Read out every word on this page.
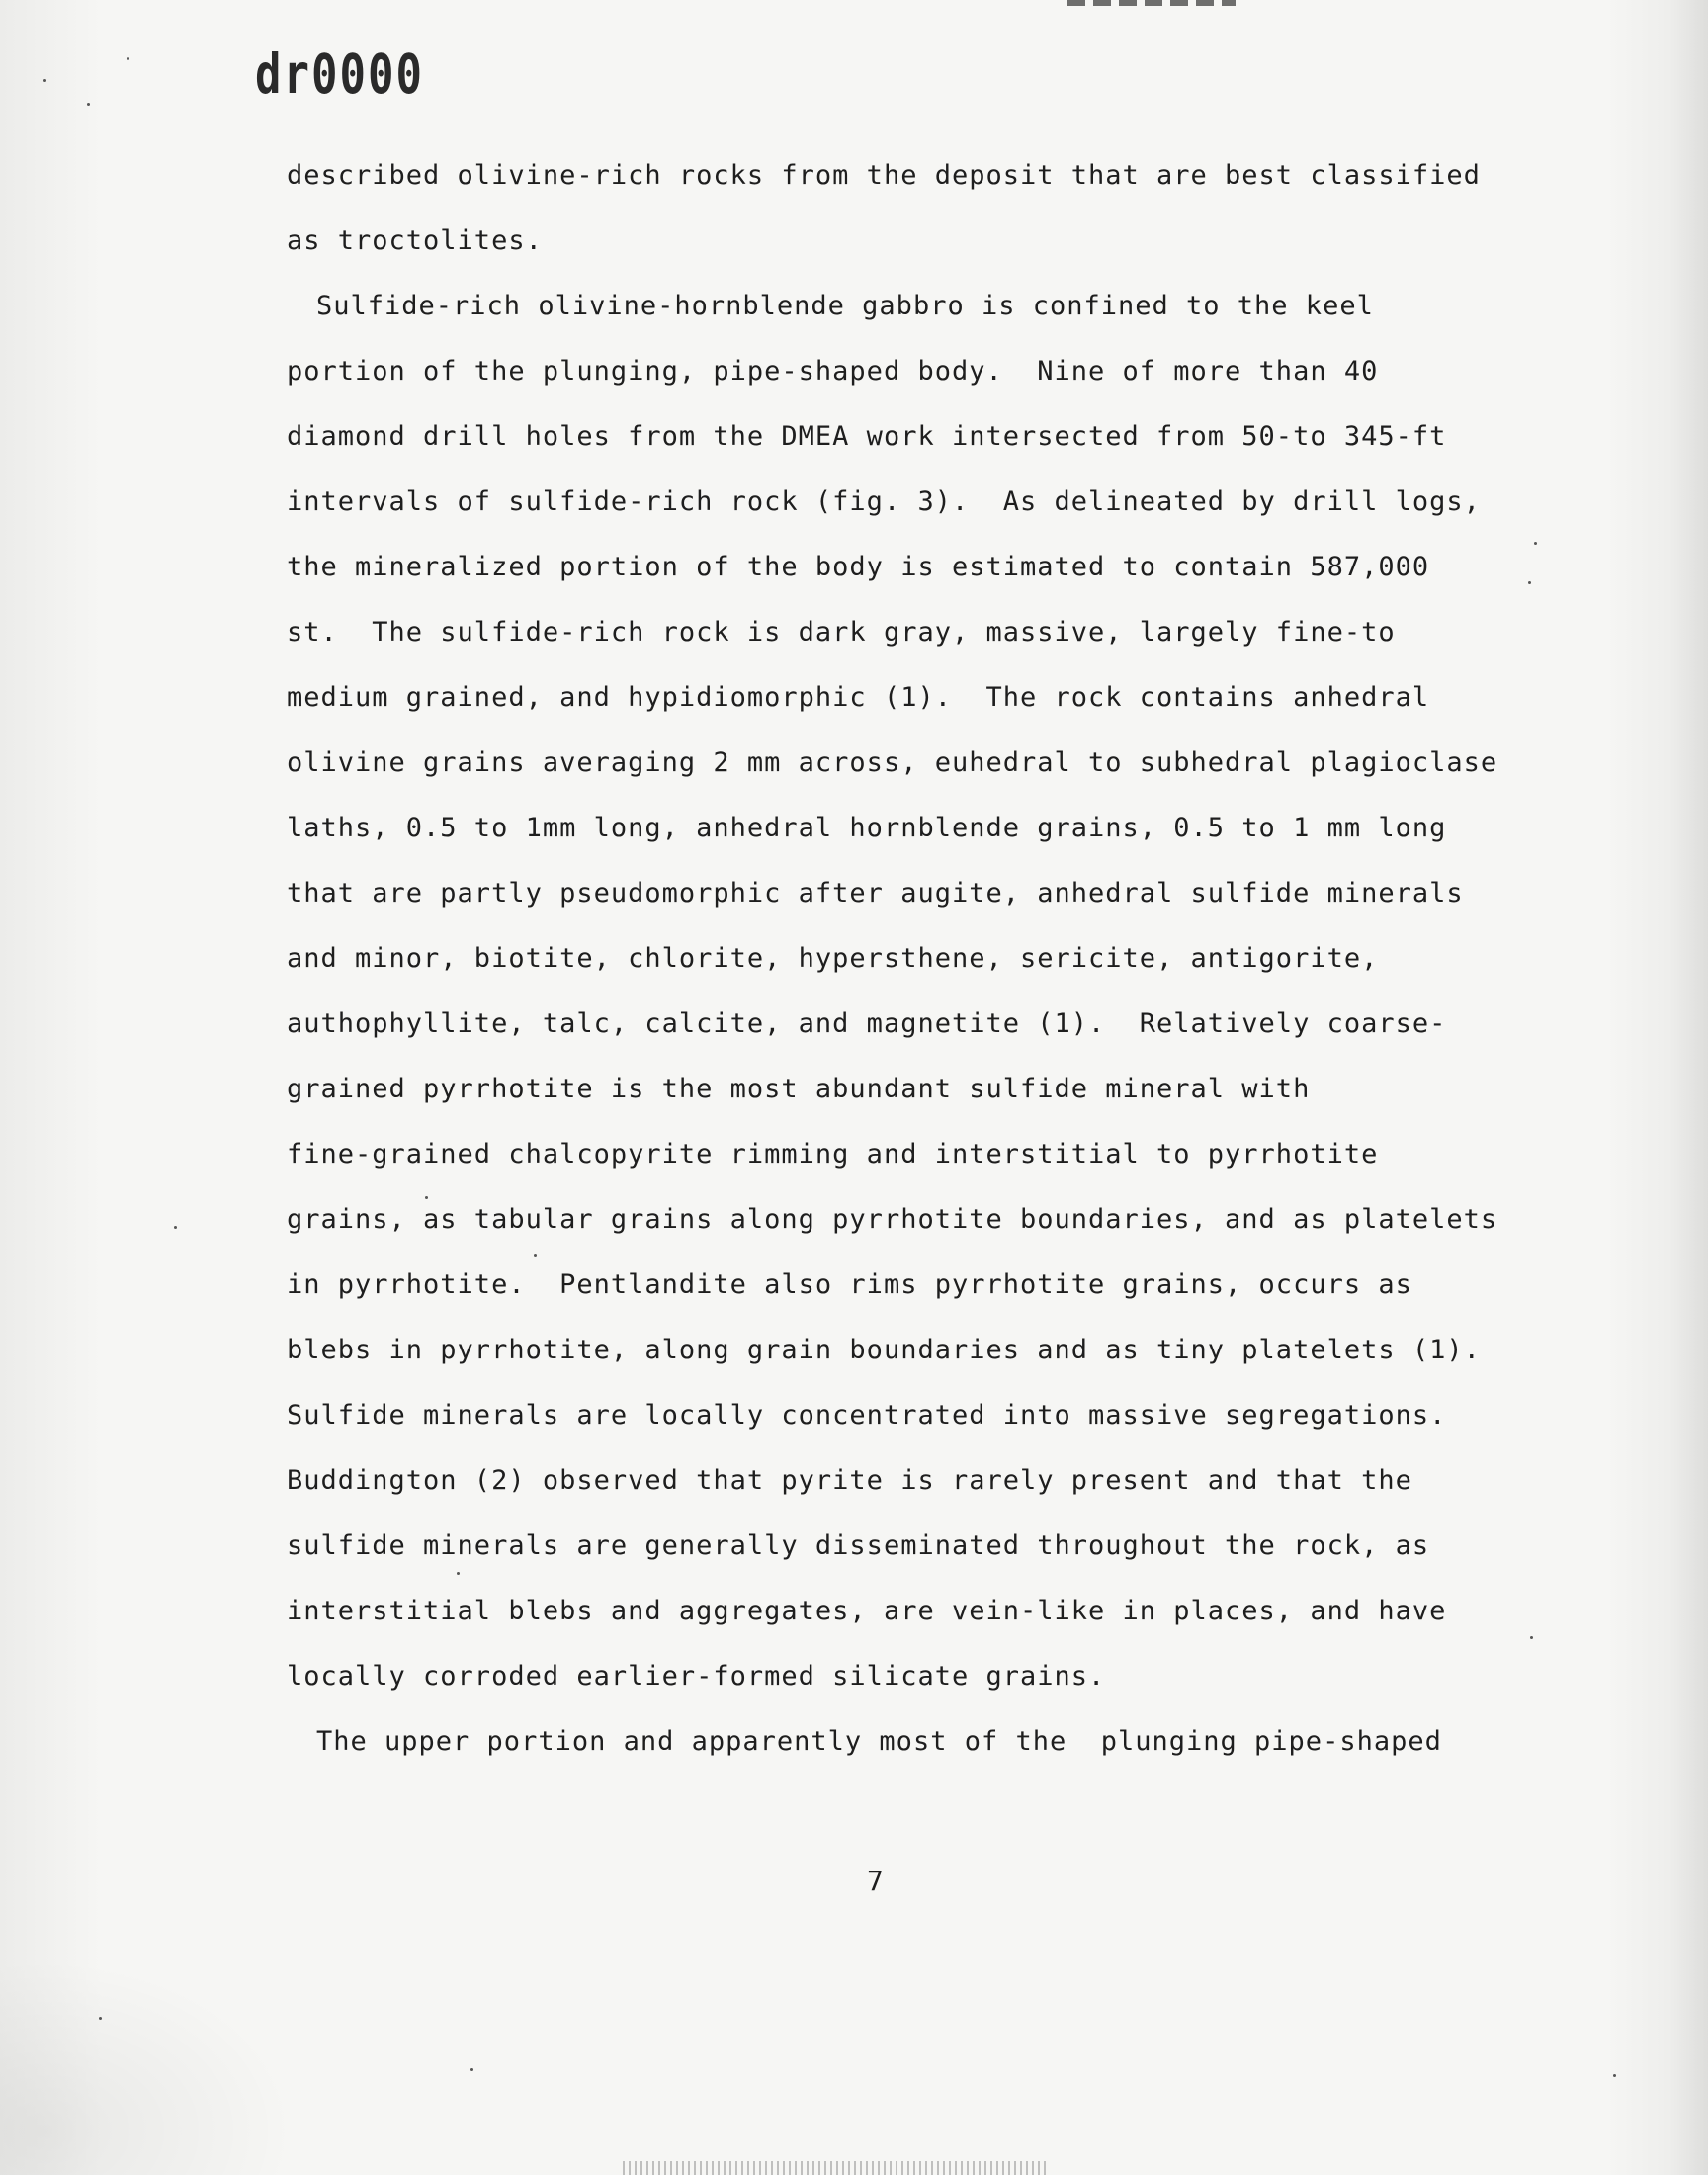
dr0000
described olivine-rich rocks from the deposit that are best classified
as troctolites.
Sulfide-rich olivine-hornblende gabbro is confined to the keel
portion of the plunging, pipe-shaped body.  Nine of more than 40
diamond drill holes from the DMEA work intersected from 50-to 345-ft
intervals of sulfide-rich rock (fig. 3).  As delineated by drill logs,
the mineralized portion of the body is estimated to contain 587,000
st.  The sulfide-rich rock is dark gray, massive, largely fine-to
medium grained, and hypidiomorphic (1).  The rock contains anhedral
olivine grains averaging 2 mm across, euhedral to subhedral plagioclase
laths, 0.5 to 1mm long, anhedral hornblende grains, 0.5 to 1 mm long
that are partly pseudomorphic after augite, anhedral sulfide minerals
and minor, biotite, chlorite, hypersthene, sericite, antigorite,
authophyllite, talc, calcite, and magnetite (1).  Relatively coarse-
grained pyrrhotite is the most abundant sulfide mineral with
fine-grained chalcopyrite rimming and interstitial to pyrrhotite
grains, as tabular grains along pyrrhotite boundaries, and as platelets
in pyrrhotite.  Pentlandite also rims pyrrhotite grains, occurs as
blebs in pyrrhotite, along grain boundaries and as tiny platelets (1).
Sulfide minerals are locally concentrated into massive segregations.
Buddington (2) observed that pyrite is rarely present and that the
sulfide minerals are generally disseminated throughout the rock, as
interstitial blebs and aggregates, are vein-like in places, and have
locally corroded earlier-formed silicate grains.
The upper portion and apparently most of the  plunging pipe-shaped
7
